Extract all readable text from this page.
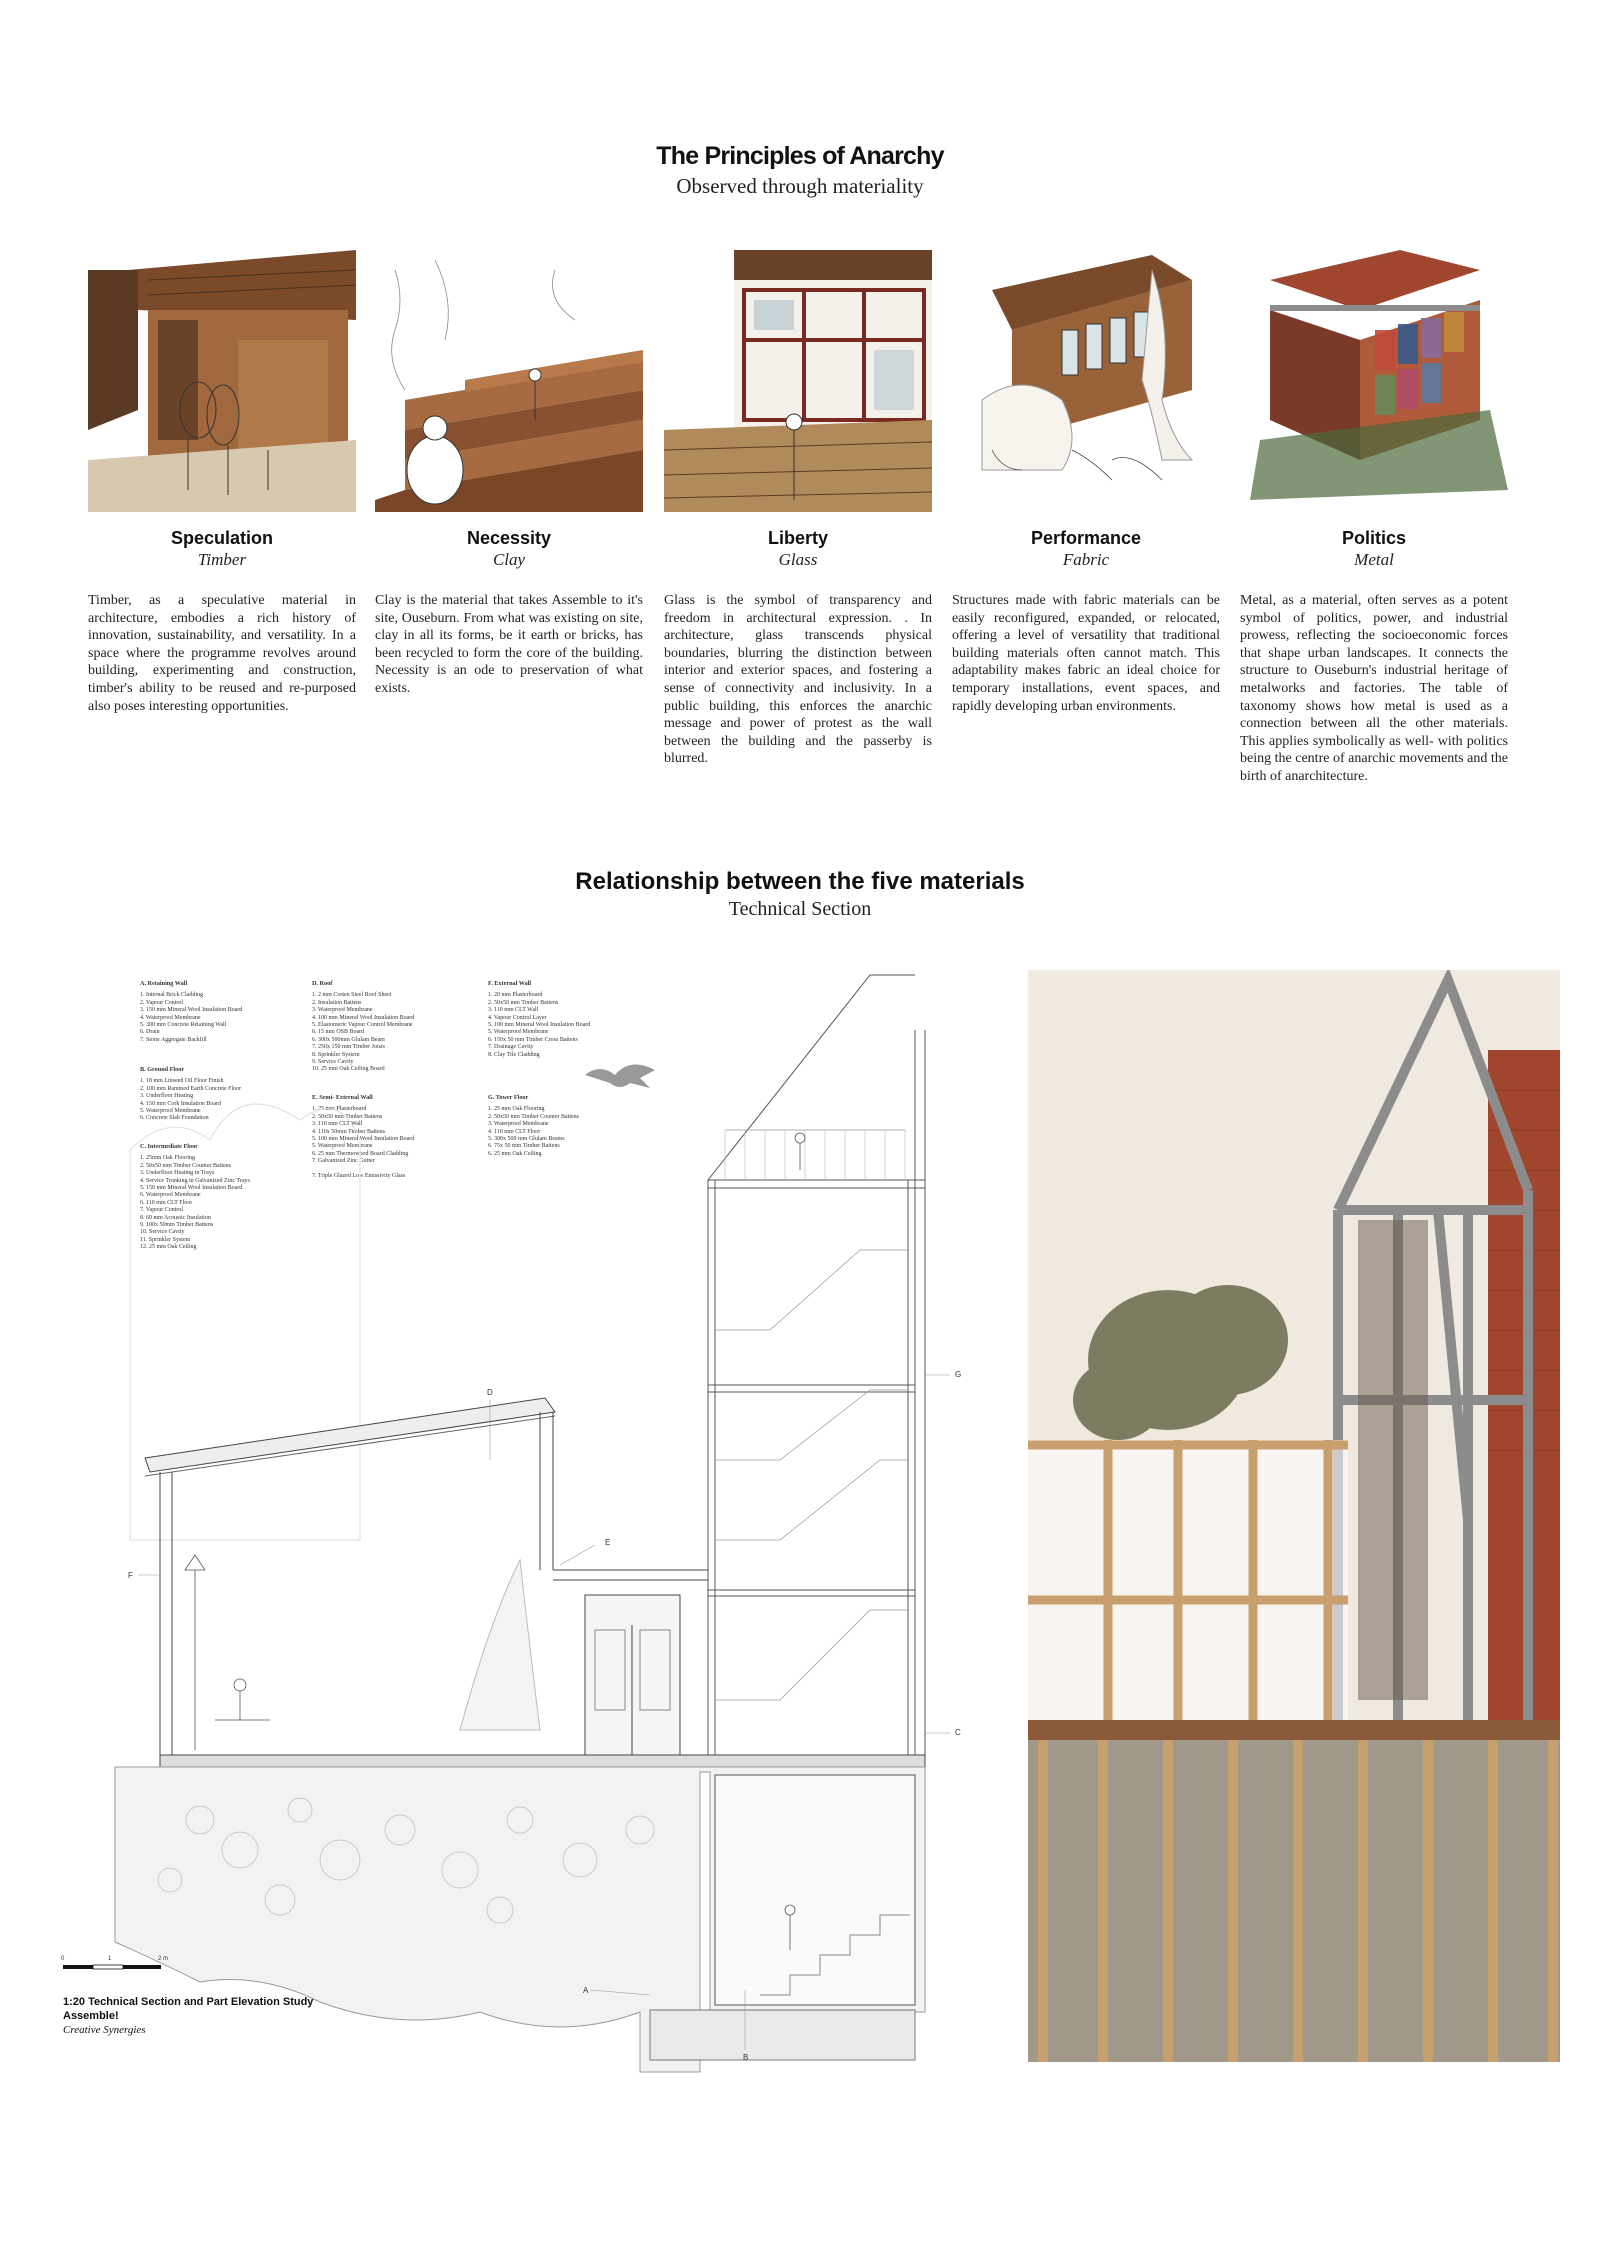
The Principles of Anarchy
Observed through materiality
Speculation
Timber
Timber, as a speculative material in architecture, embodies a rich history of innovation, sustainability, and versatility. In a space where the programme revolves around building, experimenting and construction, timber's ability to be reused and re-purposed also poses interesting opportunities.
Necessity
Clay
Clay is the material that takes Assemble to it's site, Ouseburn. From what was existing on site, clay in all its forms, be it earth or bricks, has been recycled to form the core of the building. Necessity is an ode to preservation of what exists.
Liberty
Glass
Glass is the symbol of transparency and freedom in architectural expression. . In architecture, glass transcends physical boundaries, blurring the distinction between interior and exterior spaces, and fostering a sense of connectivity and inclusivity. In a public building, this enforces the anarchic message and power of protest as the wall between the building and the passerby is blurred.
Performance
Fabric
Structures made with fabric materials can be easily reconfigured, expanded, or relocated, offering a level of versatility that traditional building materials often cannot match. This adaptability makes fabric an ideal choice for temporary installations, event spaces, and rapidly developing urban environments.
Politics
Metal
Metal, as a material, often serves as a potent symbol of politics, power, and industrial prowess, reflecting the socioeconomic forces that shape urban landscapes. It connects the structure to Ouseburn's industrial heritage of metalworks and factories. The table of taxonomy shows how metal is used as a connection between all the other materials. This applies symbolically as well- with politics being the centre of anarchic movements and the birth of anarchitecture.
Relationship between the five materials
Technical Section
A. Retaining Wall
1. Internal Brick Cladding
2. Vapour Control
3. 150 mm Mineral Wool Insulation Board
4. Waterproof Membrane
5. 300 mm Concrete Retaining Wall
6. Drain
7. Stone Aggregate Backfill
B. Ground Floor
1. 18 mm Linseed Oil Floor Finish
2. 100 mm Rammed Earth Concrete Floor
3. Underfloor Heating
4. 150 mm Cork Insulation Board
5. Waterproof Membrane
6. Concrete Slab Foundation
C. Intermediate Floor
1. 25mm Oak Flooring
2. 50x50 mm Timber Counter Battens
3. Underfloor Heating in Trays
4. Service Trunking in Galvanized Zinc Trays
5. 150 mm Mineral Wool Insulation Board
6. Waterproof Membrane
6. 110 mm CLT Floor
7. Vapour Control
8. 60 mm Acoustic Insulation
9. 100x 50mm Timber Battens
10. Service Cavity
11. Sprinkler System
12. 25 mm Oak Ceiling
D. Roof
1. 2 mm Corten Steel Roof Sheet
2. Insulation Battens
3. Waterproof Membrane
4. 100 mm Mineral Wool Insulation Board
5. Elastomeric Vapour Control Membrane
6. 15 mm OSB Board
6. 300x 500mm Glulam Beam
7. 250x 150 mm Timber Joists
8. Sprinkler System
9. Service Cavity
10. 25 mm Oak Ceiling Board
E. Semi- External Wall
1. 25 mm Plasterboard
2. 50x50 mm Timber Battens
3. 110 mm CLT Wall
4. 110x 50mm Timber Battens
5. 100 mm Mineral Wool Insulation Board
5. Waterproof Membrane
6. 25 mm Thermowood Board Cladding
7. Galvanized Zinc Gutter
7. Triple Glazed Low Emissivity Glass
F. External Wall
1. 20 mm Plasterboard
2. 50x50 mm Timber Battens
3. 110 mm CLT Wall
4. Vapour Control Layer
5. 100 mm Mineral Wool Insulation Board
5. Waterproof Membrane
6. 150x 50 mm Timber Cross Battens
7. Drainage Cavity
8. Clay Tile Cladding
G. Tower Floor
1. 25 mm Oak Flooring
2. 50x50 mm Timber Counter Battens
3. Waterproof Membrane
4. 110 mm CLT Floor
5. 300x 500 mm Glulam Beams
6. 75x 50 mm Timber Battens
6. 25 mm Oak Ceiling
D
E
F
G
C
A
B
0	1	2 m
1:20 Technical Section and Part Elevation Study
Assemble!
Creative Synergies
